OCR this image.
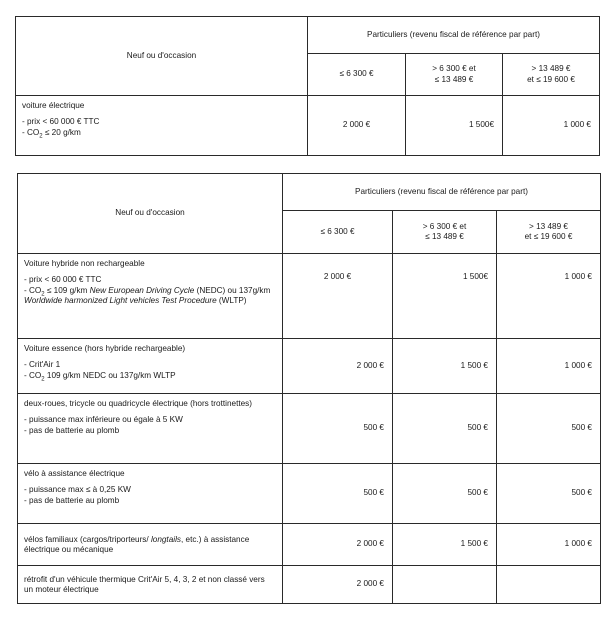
Neuf ou d'occasion	Particuliers (revenu fiscal de référence par part)		
	≤ 6 300 €	> 6 300 € et
≤ 13 489 €	> 13 489 €
et ≤ 19 600 €

voiture électrique
- prix < 60 000 € TTC
- $CO_2 \le 20$ g/km	2 000 €	1 500€	1 000 €
Neuf ou d'occasion	Particuliers (revenu fiscal de référence par part)		
	≤ 6 300 €	> 6 300 € et
≤ 13 489 €	> 13 489 €
et ≤ 19 600 €

Voiture hybride non rechargeable
- prix < 60 000 € TTC
- $CO_2 \le 109$ g/km New European Driving Cycle (NEDC) ou 137g/km Worldwide harmonized Light vehicles Test Procedure (WLTP)	2 000 €	1 500€	1 000 €

Voiture essence (hors hybride rechargeable)
- Crit'Air 1
- $CO_2$ 109 g/km NEDC ou 137g/km WLTP	2 000 €	1 500 €	1 000 €

deux-roues, tricycle ou quadricycle électrique (hors trottinettes)
- puissance max inférieure ou égale à 5 KW
- pas de batterie au plomb	500 €	500 €	500 €

vélo à assistance électrique
- puissance max ≤ à 0,25 KW
- pas de batterie au plomb	500 €	500 €	500 €

vélos familiaux (cargos/triporteurs/ longtails, etc.) à assistance électrique ou mécanique	2 000 €	1 500 €	1 000 €

rétrofit d'un véhicule thermique Crit'Air 5, 4, 3, 2 et non classé vers un moteur électrique	2 000 €		
